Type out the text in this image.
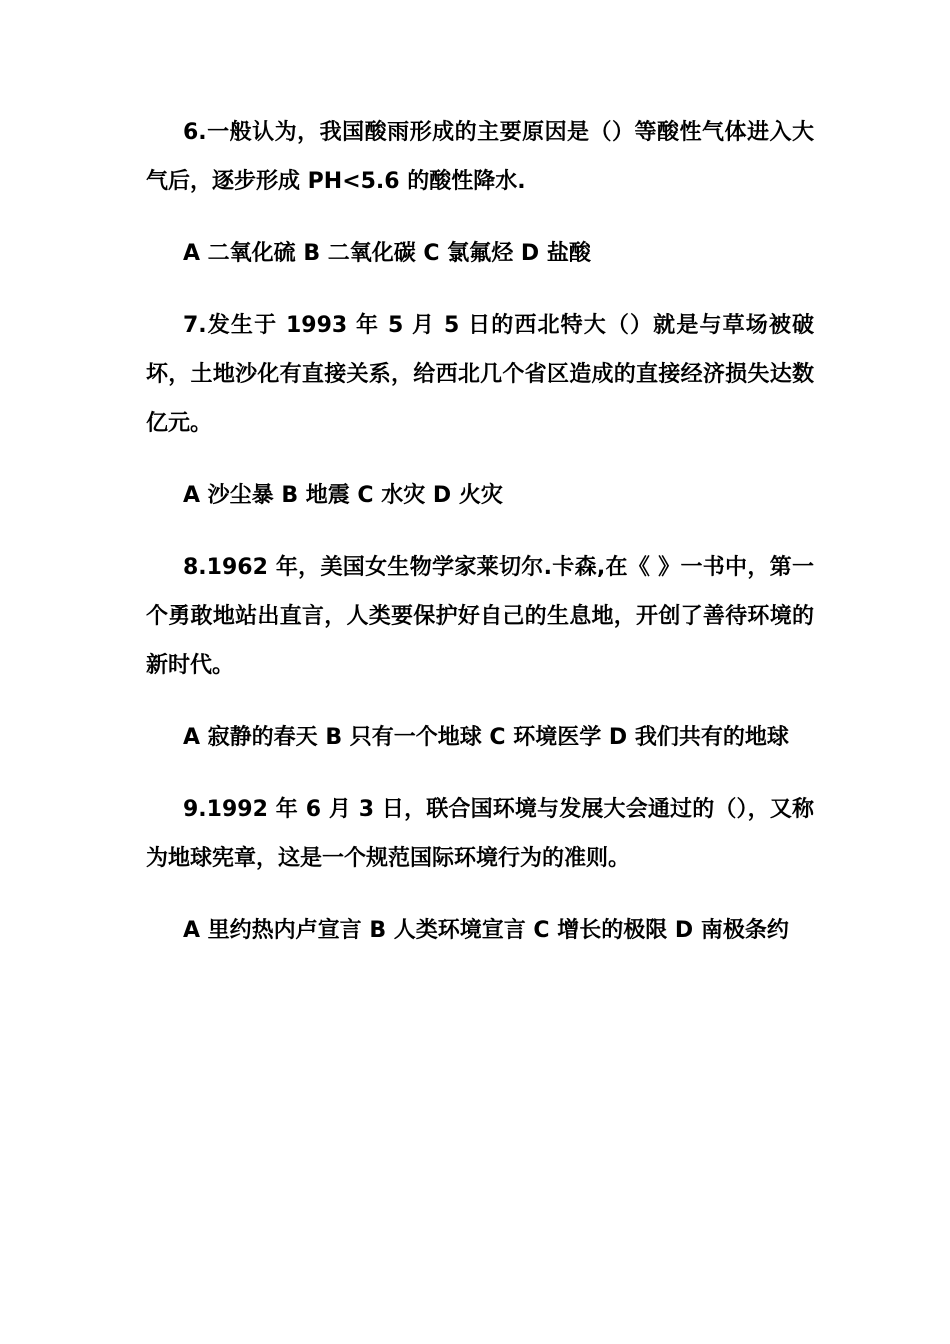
6.一般认为，我国酸雨形成的主要原因是（）等酸性气体进入大气后，逐步形成 PH<5.6 的酸性降水.

A 二氧化硫 B 二氧化碳 C 氯氟烃 D 盐酸

7.发生于 1993 年 5 月 5 日的西北特大（）就是与草场被破坏，土地沙化有直接关系，给西北几个省区造成的直接经济损失达数亿元。

A 沙尘暴 B 地震 C 水灾 D 火灾

8.1962 年，美国女生物学家莱切尔.卡森,在《 》一书中，第一个勇敢地站出直言，人类要保护好自己的生息地，开创了善待环境的新时代。

A 寂静的春天 B 只有一个地球 C 环境医学 D 我们共有的地球

9.1992 年 6 月 3 日，联合国环境与发展大会通过的（），又称为地球宪章，这是一个规范国际环境行为的准则。

A 里约热内卢宣言 B 人类环境宣言 C 增长的极限 D 南极条约
